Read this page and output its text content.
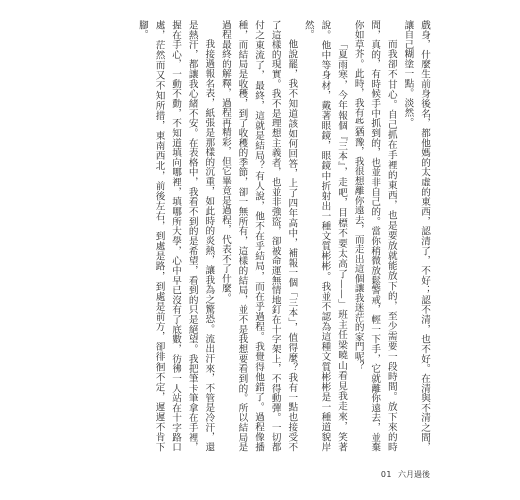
戲身，什麼生前身後名，都他媽的太虛的東西，認清了，不好；認不清，也不好。在清與不清之間，讓自己糊塗一點。淡然。

而我卻不甘心。自己抓在手裡的東西，也是要放就能放下的，至少需要一段時間。放下來的時間，真的，有時候手中抓到的，也並非自己的。當你稍微放鬆警戒，輕一下手，它就離你遠去，並棄你如草芥。此時，我有些猶豫，我很想離你遠去，而走出這個讓我迷茫的家門呢？

「夏雨寒，今年報個『三本』，走吧，目標不要太高了——」班主任梁曉山看見我走來，笑著說。他中等身材，戴著眼鏡，眼鏡中折射出一種文質彬彬。我並不認為這種文質彬彬是一種道貌岸然。

他說罷，我不知道該如何回答，上了四年高中，補報一個「三本」，值得麼？我有一點也接受不了這樣的現實。我不是理想主義者，也並非強盜，卻被命運無情地釘在十字架上，不得動彈。一切都付之東流了，最終，這就是結局？有人說，他不在乎結局，而在乎過程。我覺得他錯了。過程像播種，而結局是收穫，到了收穫的季節，卻一無所有，這樣的結局，並不是我想要看到的。所以結局是過程最終的解釋，過程再精彩，但它畢竟是過程，代表不了什麼。

我接過報名表，紙張是那樣的沉重，如此時的炎熱，讓我為之驚恐。流出汗來，不管是冷汗，還是熱汗，都讓我心緒不安。在表格中，我看不到的是希望，看到的只是絕望。我把筆卡筆拿在手裡，握在手心，一動不動，不知道填向哪裡，填哪所大學，心中早已沒有了底數，彷彿一人站在十字路口處，茫然而又不知所措，東南西北，前後左右，到處是路，到處是前方，卻徘徊不定，遲遲不肯下腳。

01 六月過後
